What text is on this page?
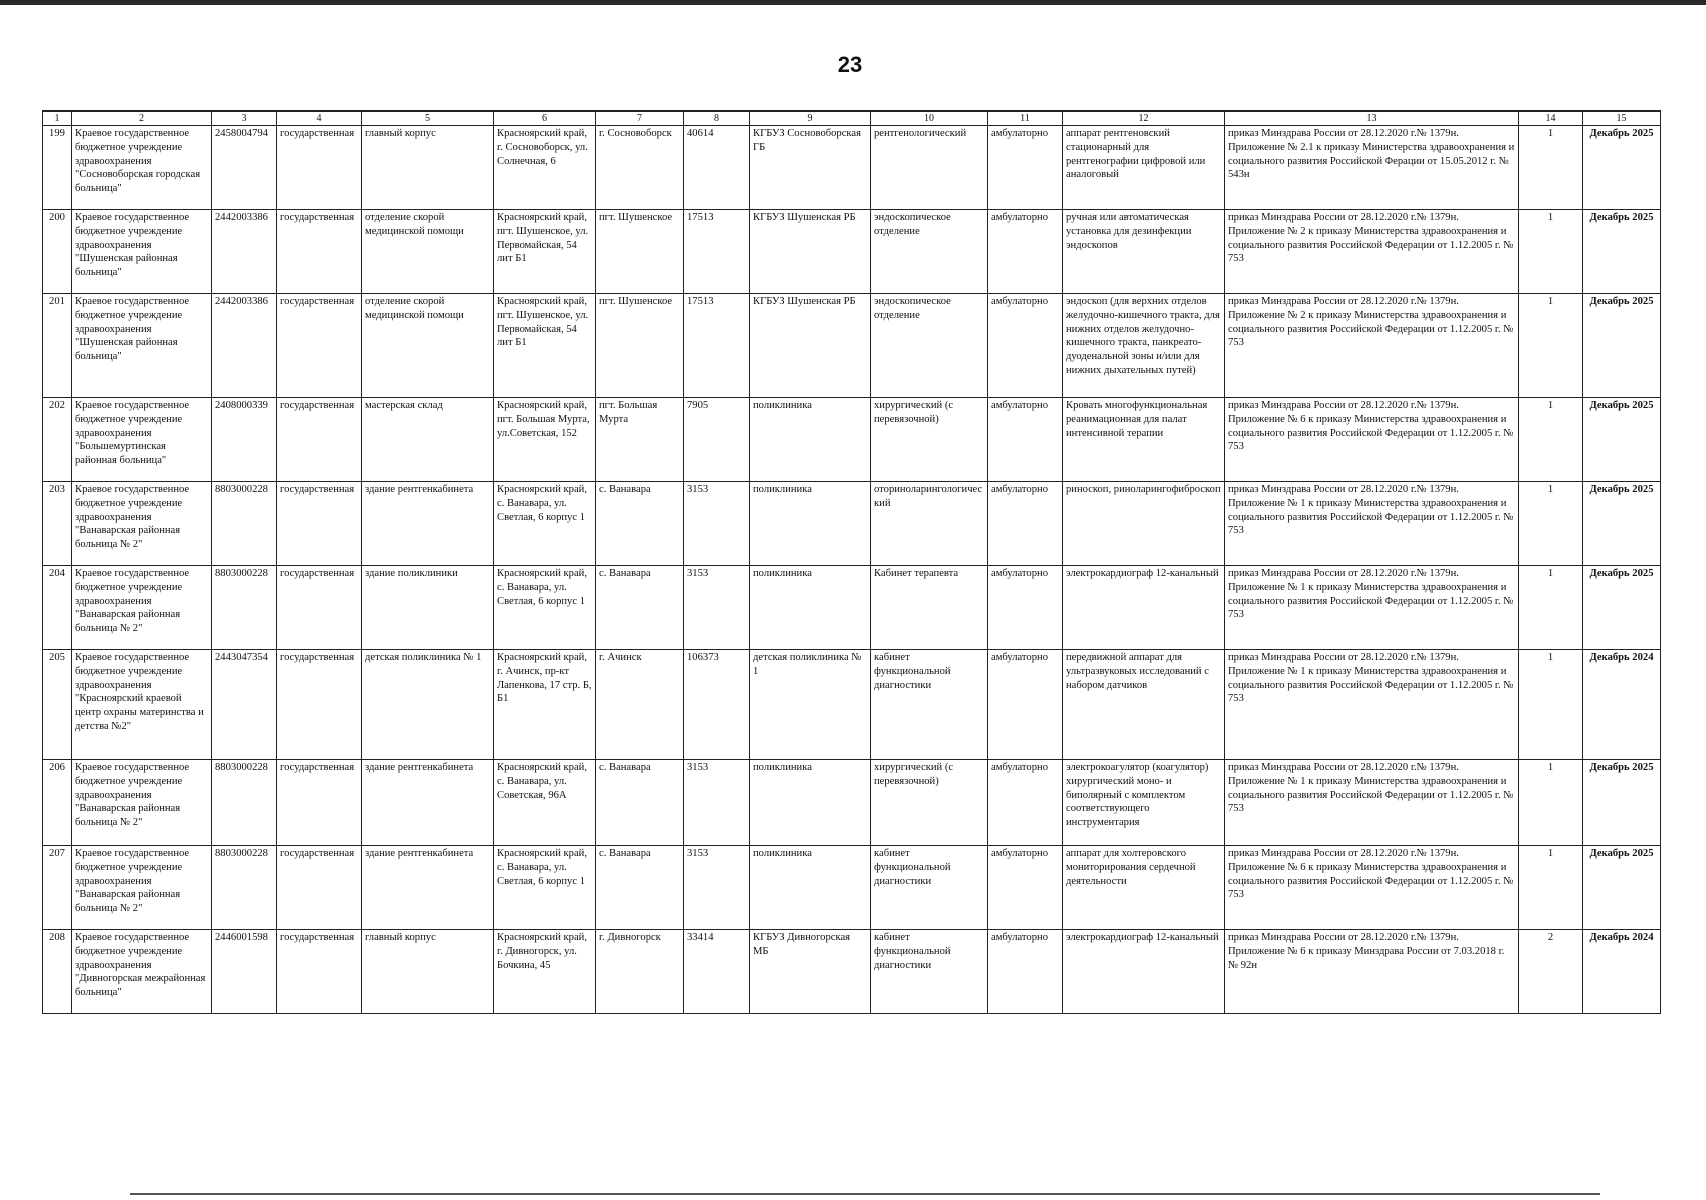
23
1	2	3	4	5	6	7	8	9	10	11	12	13	14	15
199	Краевое государственное бюджетное учреждение здравоохранения "Сосновоборская городская больница"	2458004794	государственная	главный корпус	Красноярский край, г. Сосновоборск, ул. Солнечная, 6	г. Сосновоборск	40614	КГБУЗ Сосновоборская ГБ	рентгенологический	амбулаторно	аппарат рентгеновский стационарный для рентгенографии цифровой или аналоговый	приказ Минздрава России от 28.12.2020 г.№ 1379н. Приложение № 2.1 к приказу Министерства здравоохранения и социального развития Российской Ферации от 15.05.2012 г. № 543н	1	Декабрь 2025
200	Краевое государственное бюджетное учреждение здравоохранения "Шушенская районная больница"	2442003386	государственная	отделение скорой медицинской помощи	Красноярский край, пгт. Шушенское, ул. Первомайская, 54 лит Б1	пгт. Шушенское	17513	КГБУЗ Шушенская РБ	эндоскопическое отделение	амбулаторно	ручная или автоматическая установка для дезинфекции эндоскопов	приказ Минздрава России от 28.12.2020 г.№ 1379н. Приложение № 2 к приказу Министерства здравоохранения и социального развития Российской Федерации от 1.12.2005 г. № 753	1	Декабрь 2025
201	Краевое государственное бюджетное учреждение здравоохранения "Шушенская районная больница"	2442003386	государственная	отделение скорой медицинской помощи	Красноярский край, пгт. Шушенское, ул. Первомайская, 54 лит Б1	пгт. Шушенское	17513	КГБУЗ Шушенская РБ	эндоскопическое отделение	амбулаторно	эндоскоп (для верхних отделов желудочно-кишечного тракта, для нижних отделов желудочно-кишечного тракта, панкреато-дуоденальной зоны и/или для нижних дыхательных путей)	приказ Минздрава России от 28.12.2020 г.№ 1379н. Приложение № 2 к приказу Министерства здравоохранения и социального развития Российской Федерации от 1.12.2005 г. № 753	1	Декабрь 2025
202	Краевое государственное бюджетное учреждение здравоохранения "Большемуртинская районная больница"	2408000339	государственная	мастерская склад	Красноярский край, пгт. Большая Мурта, ул.Советская, 152	пгт. Большая Мурта	7905	поликлиника	хирургический (с перевязочной)	амбулаторно	Кровать многофункциональная реанимационная для палат интенсивной терапии	приказ Минздрава России от 28.12.2020 г.№ 1379н. Приложение № 6 к приказу Министерства здравоохранения и социального развития Российской Федерации от 1.12.2005 г. № 753	1	Декабрь 2025
203	Краевое государственное бюджетное учреждение здравоохранения "Ванаварская районная больница № 2"	8803000228	государственная	здание рентгенкабинета	Красноярский край, с. Ванавара, ул. Светлая, 6 корпус 1	с. Ванавара	3153	поликлиника	оториноларингологический	амбулаторно	риноскоп, риноларингофиброскоп	приказ Минздрава России от 28.12.2020 г.№ 1379н. Приложение № 1 к приказу Министерства здравоохранения и социального развития Российской Федерации от 1.12.2005 г. № 753	1	Декабрь 2025
204	Краевое государственное бюджетное учреждение здравоохранения "Ванаварская районная больница № 2"	8803000228	государственная	здание поликлиники	Красноярский край, с. Ванавара, ул. Светлая, 6 корпус 1	с. Ванавара	3153	поликлиника	Кабинет терапевта	амбулаторно	электрокардиограф 12-канальный	приказ Минздрава России от 28.12.2020 г.№ 1379н. Приложение № 1 к приказу Министерства здравоохранения и социального развития Российской Федерации от 1.12.2005 г. № 753	1	Декабрь 2025
205	Краевое государственное бюджетное учреждение здравоохранения "Красноярский краевой центр охраны материнства и детства №2"	2443047354	государственная	детская поликлиника № 1	Красноярский край, г. Ачинск, пр-кт Лапенкова, 17 стр. Б, Б1	г. Ачинск	106373	детская поликлиника № 1	кабинет функциональной диагностики	амбулаторно	передвижной аппарат для ультразвуковых исследований с набором датчиков	приказ Минздрава России от 28.12.2020 г.№ 1379н. Приложение № 1 к приказу Министерства здравоохранения и социального развития Российской Федерации от 1.12.2005 г. № 753	1	Декабрь 2024
206	Краевое государственное бюджетное учреждение здравоохранения "Ванаварская районная больница № 2"	8803000228	государственная	здание рентгенкабинета	Красноярский край, с. Ванавара, ул. Советская, 96А	с. Ванавара	3153	поликлиника	хирургический (с перевязочной)	амбулаторно	электрокоагулятор (коагулятор) хирургический моно- и биполярный с комплектом соответствующего инструментария	приказ Минздрава России от 28.12.2020 г.№ 1379н. Приложение № 1 к приказу Министерства здравоохранения и социального развития Российской Федерации от 1.12.2005 г. № 753	1	Декабрь 2025
207	Краевое государственное бюджетное учреждение здравоохранения "Ванаварская районная больница № 2"	8803000228	государственная	здание рентгенкабинета	Красноярский край, с. Ванавара, ул. Светлая, 6 корпус 1	с. Ванавара	3153	поликлиника	кабинет функциональной диагностики	амбулаторно	аппарат для холтеровского мониторирования сердечной деятельности	приказ Минздрава России от 28.12.2020 г.№ 1379н. Приложение № 6 к приказу Министерства здравоохранения и социального развития Российской Федерации от 1.12.2005 г. № 753	1	Декабрь 2025
208	Краевое государственное бюджетное учреждение здравоохранения "Дивногорская межрайонная больница"	2446001598	государственная	главный корпус	Красноярский край, г. Дивногорск, ул. Бочкина, 45	г. Дивногорск	33414	КГБУЗ Дивногорская МБ	кабинет функциональной диагностики	амбулаторно	электрокардиограф 12-канальный	приказ Минздрава России от 28.12.2020 г.№ 1379н. Приложение № 6 к приказу Минздрава России от 7.03.2018 г. № 92н	2	Декабрь 2024
